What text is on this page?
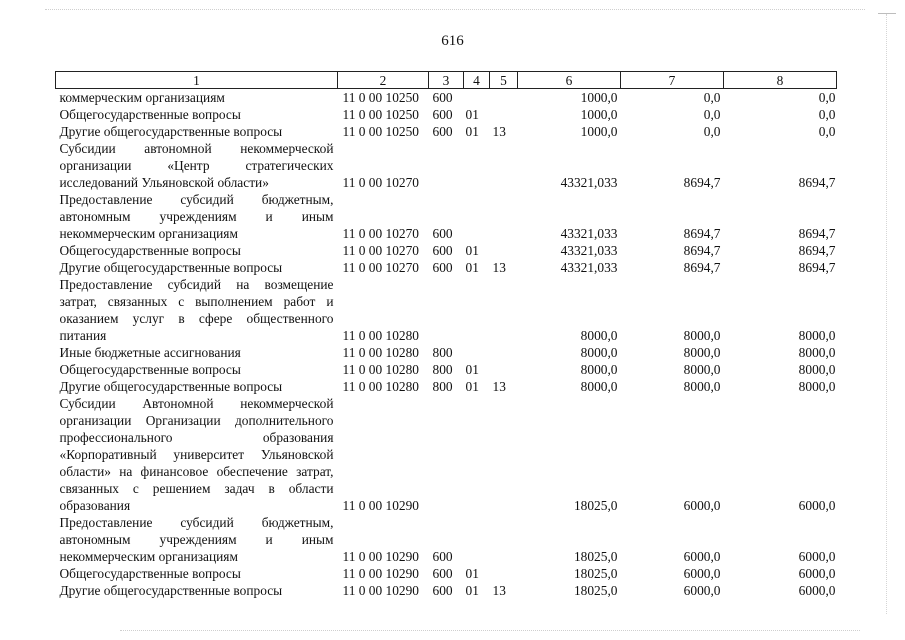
616
1	2	3	4	5	6	7	8
коммерческим организациям	11 0 00 10250	600			1000,0	0,0	0,0
Общегосударственные вопросы	11 0 00 10250	600	01		1000,0	0,0	0,0
Другие общегосударственные вопросы	11 0 00 10250	600	01	13	1000,0	0,0	0,0
Субсидии автономной некоммерческой организации «Центр стратегических исследований Ульяновской области»	11 0 00 10270				43321,033	8694,7	8694,7
Предоставление субсидий бюджетным, автономным учреждениям и иным некоммерческим организациям	11 0 00 10270	600			43321,033	8694,7	8694,7
Общегосударственные вопросы	11 0 00 10270	600	01		43321,033	8694,7	8694,7
Другие общегосударственные вопросы	11 0 00 10270	600	01	13	43321,033	8694,7	8694,7
Предоставление субсидий на возмещение затрат, связанных с выполнением работ и оказанием услуг в сфере общественного питания	11 0 00 10280				8000,0	8000,0	8000,0
Иные бюджетные ассигнования	11 0 00 10280	800			8000,0	8000,0	8000,0
Общегосударственные вопросы	11 0 00 10280	800	01		8000,0	8000,0	8000,0
Другие общегосударственные вопросы	11 0 00 10280	800	01	13	8000,0	8000,0	8000,0
Субсидии Автономной некоммерческой организации Организации дополнительного профессионального образования «Корпоративный университет Ульяновской области» на финансовое обеспечение затрат, связанных с решением задач в области образования	11 0 00 10290				18025,0	6000,0	6000,0
Предоставление субсидий бюджетным, автономным учреждениям и иным некоммерческим организациям	11 0 00 10290	600			18025,0	6000,0	6000,0
Общегосударственные вопросы	11 0 00 10290	600	01		18025,0	6000,0	6000,0
Другие общегосударственные вопросы	11 0 00 10290	600	01	13	18025,0	6000,0	6000,0
